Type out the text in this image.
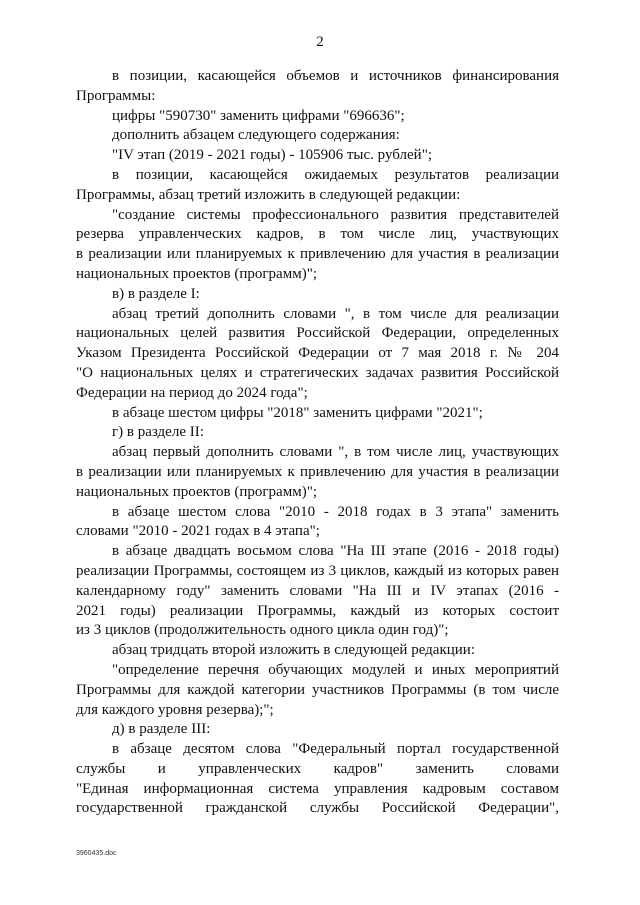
2
в позиции, касающейся объемов и источников финансирования
Программы:
цифры "590730" заменить цифрами "696636";
дополнить абзацем следующего содержания:
"IV этап (2019 - 2021 годы) - 105906 тыс. рублей";
в позиции, касающейся ожидаемых результатов реализации
Программы, абзац третий изложить в следующей редакции:
"создание системы профессионального развития представителей
резерва управленческих кадров, в том числе лиц, участвующих
в реализации или планируемых к привлечению для участия в реализации
национальных проектов (программ)";
в) в разделе I:
абзац третий дополнить словами ", в том числе для реализации
национальных целей развития Российской Федерации, определенных
Указом Президента Российской Федерации от 7 мая 2018 г. № 204
"О национальных целях и стратегических задачах развития Российской
Федерации на период до 2024 года";
в абзаце шестом цифры "2018" заменить цифрами "2021";
г) в разделе II:
абзац первый дополнить словами ", в том числе лиц, участвующих
в реализации или планируемых к привлечению для участия в реализации
национальных проектов (программ)";
в абзаце шестом слова "2010 - 2018 годах в 3 этапа" заменить
словами "2010 - 2021 годах в 4 этапа";
в абзаце двадцать восьмом слова "На III этапе (2016 - 2018 годы)
реализации Программы, состоящем из 3 циклов, каждый из которых равен
календарному году" заменить словами "На III и IV этапах (2016 -
2021 годы) реализации Программы, каждый из которых состоит
из 3 циклов (продолжительность одного цикла один год)";
абзац тридцать второй изложить в следующей редакции:
"определение перечня обучающих модулей и иных мероприятий
Программы для каждой категории участников Программы (в том числе
для каждого уровня резерва);";
д) в разделе III:
в абзаце десятом слова "Федеральный портал государственной
службы и управленческих кадров" заменить словами
"Единая информационная система управления кадровым составом
государственной гражданской службы Российской Федерации",
3960435.doc
